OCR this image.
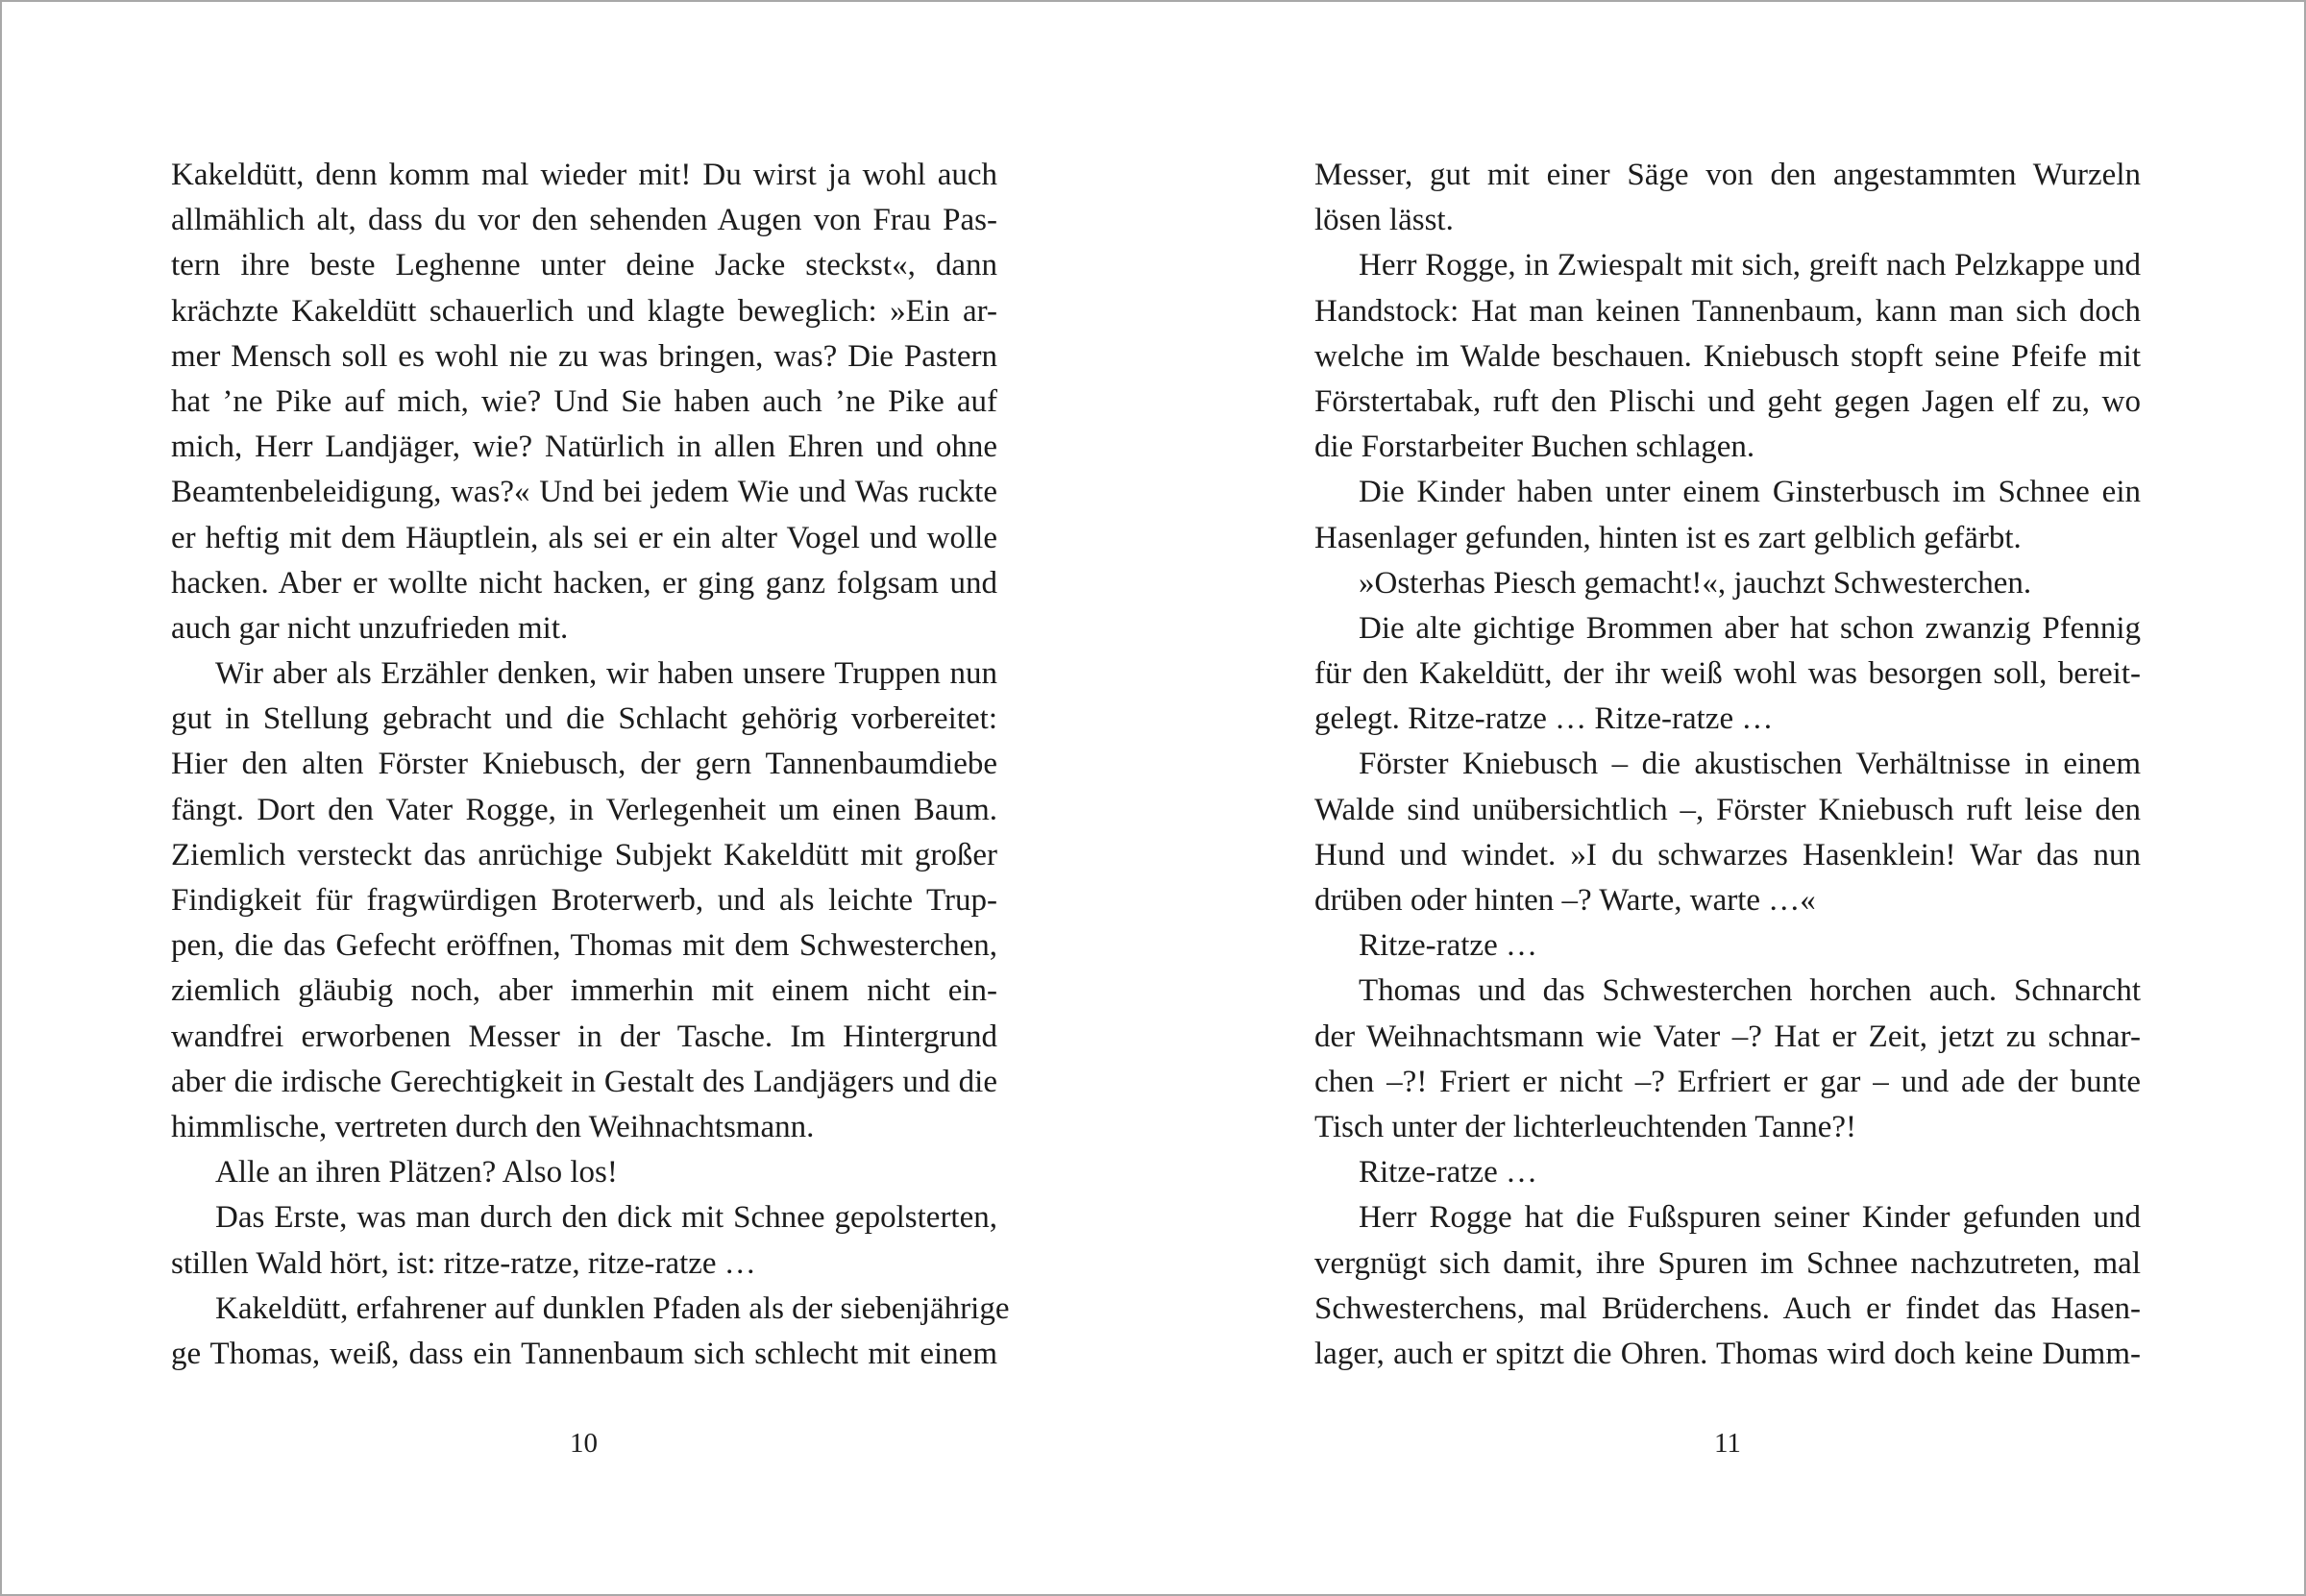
Kakeldütt, denn komm mal wieder mit! Du wirst ja wohl auch
allmählich alt, dass du vor den sehenden Augen von Frau Pas-
tern ihre beste Leghenne unter deine Jacke steckst«, dann
krächzte Kakeldütt schauerlich und klagte beweglich: »Ein ar-
mer Mensch soll es wohl nie zu was bringen, was? Die Pastern
hat ’ne Pike auf mich, wie? Und Sie haben auch ’ne Pike auf
mich, Herr Landjäger, wie? Natürlich in allen Ehren und ohne
Beamtenbeleidigung, was?« Und bei jedem Wie und Was ruckte
er heftig mit dem Häuptlein, als sei er ein alter Vogel und wolle
hacken. Aber er wollte nicht hacken, er ging ganz folgsam und
auch gar nicht unzufrieden mit.
Wir aber als Erzähler denken, wir haben unsere Truppen nun
gut in Stellung gebracht und die Schlacht gehörig vorbereitet:
Hier den alten Förster Kniebusch, der gern Tannenbaumdiebe
fängt. Dort den Vater Rogge, in Verlegenheit um einen Baum.
Ziemlich versteckt das anrüchige Subjekt Kakeldütt mit großer
Findigkeit für fragwürdigen Broterwerb, und als leichte Trup-
pen, die das Gefecht eröffnen, Thomas mit dem Schwesterchen,
ziemlich gläubig noch, aber immerhin mit einem nicht ein-
wandfrei erworbenen Messer in der Tasche. Im Hintergrund
aber die irdische Gerechtigkeit in Gestalt des Landjägers und die
himmlische, vertreten durch den Weihnachtsmann.
Alle an ihren Plätzen? Also los!
Das Erste, was man durch den dick mit Schnee gepolsterten,
stillen Wald hört, ist: ritze-ratze, ritze-ratze …
Kakeldütt, erfahrener auf dunklen Pfaden als der siebenjährige
ge Thomas, weiß, dass ein Tannenbaum sich schlecht mit einem
10
Messer, gut mit einer Säge von den angestammten Wurzeln
lösen lässt.
Herr Rogge, in Zwiespalt mit sich, greift nach Pelzkappe und
Handstock: Hat man keinen Tannenbaum, kann man sich doch
welche im Walde beschauen. Kniebusch stopft seine Pfeife mit
Förstertabak, ruft den Plischi und geht gegen Jagen elf zu, wo
die Forstarbeiter Buchen schlagen.
Die Kinder haben unter einem Ginsterbusch im Schnee ein
Hasenlager gefunden, hinten ist es zart gelblich gefärbt.
»Osterhas Piesch gemacht!«, jauchzt Schwesterchen.
Die alte gichtige Brommen aber hat schon zwanzig Pfennig
für den Kakeldütt, der ihr weiß wohl was besorgen soll, bereit-
gelegt. Ritze-ratze … Ritze-ratze …
Förster Kniebusch – die akustischen Verhältnisse in einem
Walde sind unübersichtlich –, Förster Kniebusch ruft leise den
Hund und windet. »I du schwarzes Hasenklein! War das nun
drüben oder hinten –? Warte, warte …«
Ritze-ratze …
Thomas und das Schwesterchen horchen auch. Schnarcht
der Weihnachtsmann wie Vater –? Hat er Zeit, jetzt zu schnar-
chen –?! Friert er nicht –? Erfriert er gar – und ade der bunte
Tisch unter der lichterleuchtenden Tanne?!
Ritze-ratze …
Herr Rogge hat die Fußspuren seiner Kinder gefunden und
vergnügt sich damit, ihre Spuren im Schnee nachzutreten, mal
Schwesterchens, mal Brüderchens. Auch er findet das Hasen-
lager, auch er spitzt die Ohren. Thomas wird doch keine Dumm-
11
